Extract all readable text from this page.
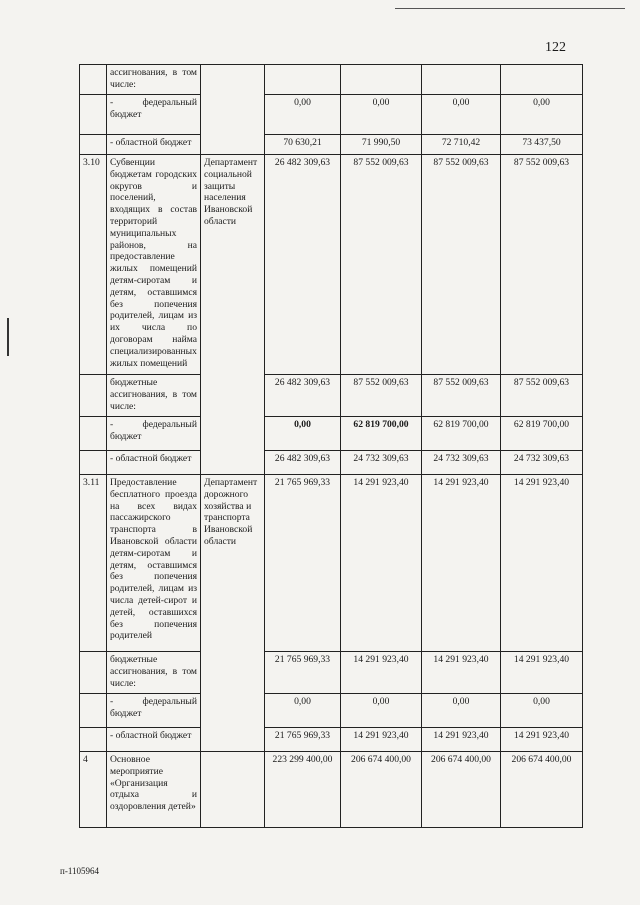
122
	ассигнования, в том числе:					
	- федеральный бюджет		0,00	0,00	0,00	0,00
	- областной бюджет		70 630,21	71 990,50	72 710,42	73 437,50
3.10	Субвенции бюджетам городских округов и поселений, входящих в состав территорий муниципальных районов, на предоставление жилых помещений детям-сиротам и детям, оставшимся без попечения родителей, лицам из их числа по договорам найма специализированных жилых помещений	Департамент социальной защиты населения Ивановской области	26 482 309,63	87 552 009,63	87 552 009,63	87 552 009,63
	бюджетные ассигнования, в том числе:		26 482 309,63	87 552 009,63	87 552 009,63	87 552 009,63
	- федеральный бюджет		0,00	62 819 700,00	62 819 700,00	62 819 700,00
	- областной бюджет		26 482 309,63	24 732 309,63	24 732 309,63	24 732 309,63
3.11	Предоставление бесплатного проезда на всех видах пассажирского транспорта в Ивановской области детям-сиротам и детям, оставшимся без попечения родителей, лицам из числа детей-сирот и детей, оставшихся без попечения родителей	Департамент дорожного хозяйства и транспорта Ивановской области	21 765 969,33	14 291 923,40	14 291 923,40	14 291 923,40
	бюджетные ассигнования, в том числе:		21 765 969,33	14 291 923,40	14 291 923,40	14 291 923,40
	- федеральный бюджет		0,00	0,00	0,00	0,00
	- областной бюджет		21 765 969,33	14 291 923,40	14 291 923,40	14 291 923,40
4	Основное мероприятие «Организация отдыха и оздоровления детей»		223 299 400,00	206 674 400,00	206 674 400,00	206 674 400,00
п-1105964
